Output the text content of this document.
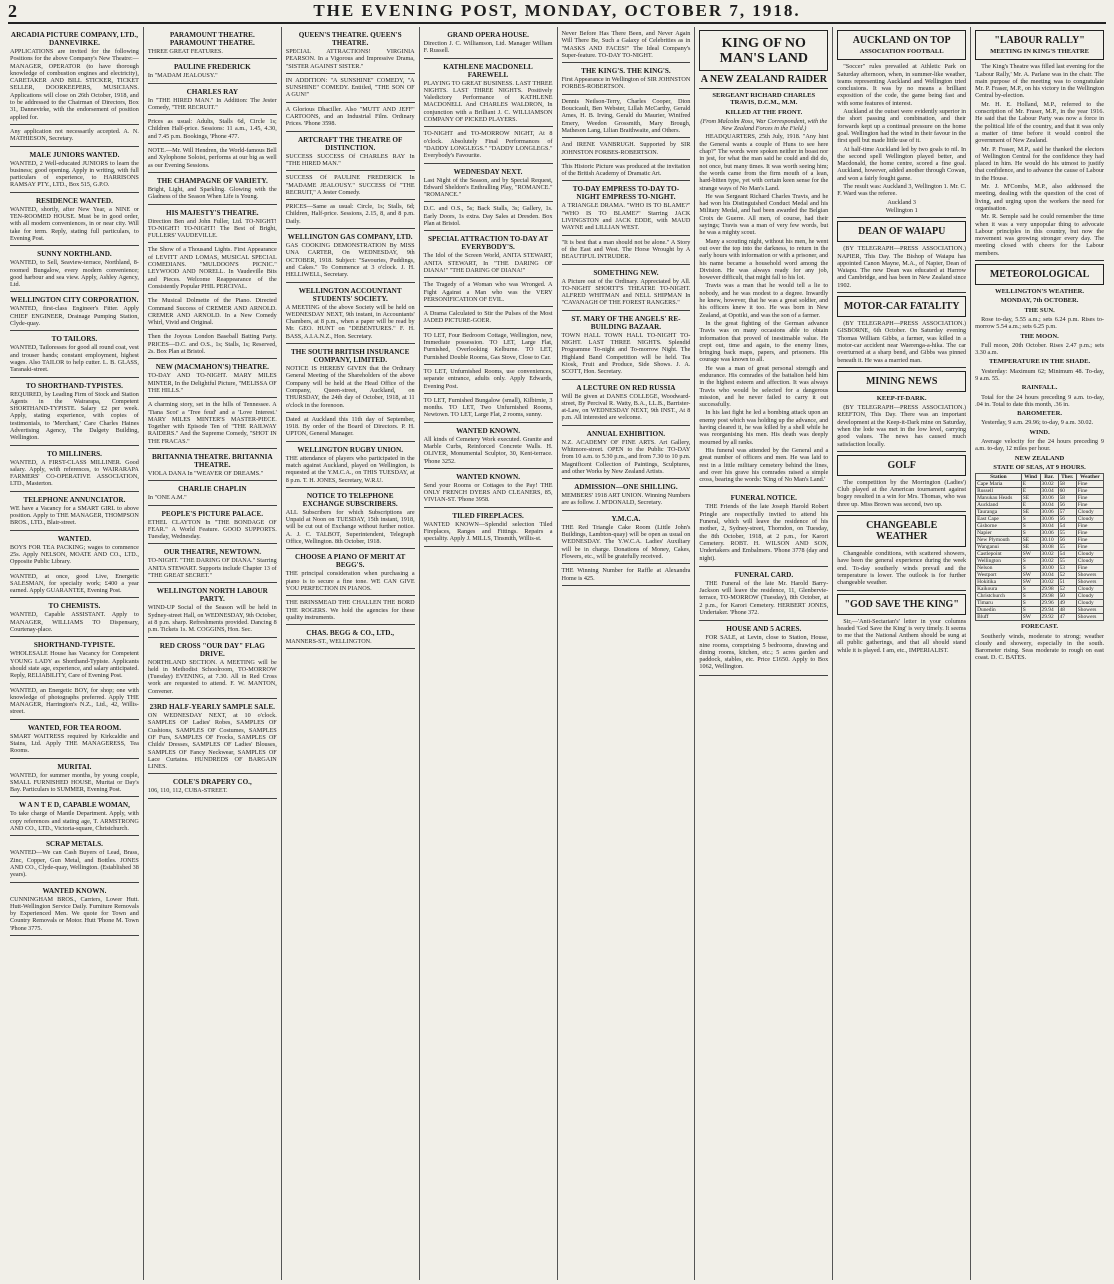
2	THE EVENING POST, MONDAY, OCTOBER 7, 1918.
ARCADIA PICTURE COMPANY, LTD., DANNEVIRKE.

APPLICATIONS are invited for the following Positions for the above Company's New Theatre:— MANAGER, OPERATOR (to have thorough knowledge of combustion engines and electricity), CARETAKER AND BILL STICKER, TICKET SELLER, DOORKEEPERS, MUSICIANS. Applications will close on 26th October, 1918, and to be addressed to the Chairman of Directors, Box 31, Dannevirke, with the endorsement of position applied for.

Any application not necessarily accepted. A. N. MATHIESON, Secretary.

MALE JUNIORS WANTED.

WANTED, 2 Well-educated JUNIORS to learn the business; good opening. Apply in writing, with full particulars of experience, to HARRISONS RAMSAY PTY., LTD., Box 515, G.P.O.

RESIDENCE WANTED.

WANTED, shortly, after New Year, a NINE or TEN-ROOMED HOUSE. Must be in good order, with all modern conveniences, in or near city. Will take for term. Reply, stating full particulars, to Evening Post.

SUNNY NORTHLAND.

WANTED, to Sell, Seaview-terrace, Northland, 8-roomed Bungalow, every modern convenience; good harbour and sea view. Apply, Ashley Agency, Ltd.

WELLINGTON CITY CORPORATION.

WANTED, first-class Engineer's Fitter. Apply CHIEF ENGINEER, Drainage Pumping Station, Clyde-quay.

TO TAILORS.

WANTED, Tailoresses for good all round coat, vest and trouser hands; constant employment, highest wages. Also TAILOR to help cutter. L. B. GLASS, Taranaki-street.

TO SHORTHAND-TYPISTES.

REQUIRED, by Leading Firm of Stock and Station Agents in the Wairarapa, Competent SHORTHAND-TYPISTE. Salary £2 per week. Apply, stating experience, with copies of testimonials, to 'Merchant,' Care Charles Haines Advertising Agency, The Dalgety Building, Wellington.

TO MILLINERS.

WANTED, A FIRST-CLASS MILLINER. Good salary. Apply, with references, to WAIRARAPA FARMERS' CO-OPERATIVE ASSOCIATION, LTD., Masterton.

TELEPHONE ANNUNCIATOR.

WE have a Vacancy for a SMART GIRL to above position. Apply to THE MANAGER, THOMPSON BROS., LTD., Blair-street.

WANTED.

BOYS FOR TEA PACKING; wages to commence 25s. Apply NELSON, MOATE AND CO., LTD., Opposite Public Library.

WANTED, at once, good Live, Energetic SALESMAN, for specialty work; £400 a year earned. Apply GUARANTEE, Evening Post.

TO CHEMISTS.

WANTED, Capable ASSISTANT. Apply to MANAGER, WILLIAMS TO Dispensary, Courtenay-place.

SHORTHAND-TYPISTE.

WHOLESALE House has Vacancy for Competent YOUNG LADY as Shorthand-Typiste. Applicants should state age, experience, and salary anticipated. Reply, RELIABILITY, Care of Evening Post.

WANTED, an Energetic BOY, for shop; one with knowledge of photographs preferred. Apply THE MANAGER, Harrington's N.Z., Ltd., 42, Willis-street.

WANTED, FOR TEA ROOM.

SMART WAITRESS required by Kirkcaldie and Stains, Ltd. Apply THE MANAGERESS, Tea Rooms.

MURITAI.

WANTED, for summer months, by young couple, SMALL FURNISHED HOUSE, Muritai or Day's Bay. Particulars to SUMMER, Evening Post.

W A N T E D, CAPABLE WOMAN,

To take charge of Mantle Department. Apply, with copy references and stating age, T. ARMSTRONG AND CO., LTD., Victoria-square, Christchurch.

SCRAP METALS.

WANTED—We can Cash Buyers of Lead, Brass, Zinc, Copper, Gun Metal, and Bottles. JONES AND CO., Clyde-quay, Wellington. (Established 38 years).

WANTED KNOWN.

CUNNINGHAM BROS., Carriers, Lower Hutt. Hutt-Wellington Service Daily. Furniture Removals by Experienced Men. We quote for Town and Country Removals or Motor. Hutt 'Phone M. Town 'Phone 3775.

PARAMOUNT THEATRE. PARAMOUNT THEATRE.

THREE GREAT FEATURES.

PAULINE FREDERICK

In "MADAM JEALOUSY."

CHARLES RAY

In "THE HIRED MAN." In Addition: The Jester Comedy, "THE RECRUIT."

Prices as usual: Adults, Stalls 6d, Circle 1s; Children Half-price. Sessions: 11 a.m., 1.45, 4.30, and 7.45 p.m. Bookings, 'Phone 477.

NOTE.—Mr. Will Hendren, the World-famous Bell and Xylophone Soloist, performs at our big as well as our Evening Sessions.

THE CHAMPAGNE OF VARIETY.

Bright, Light, and Sparkling. Glowing with the Gladness of the Season When Life is Young.

HIS MAJESTY'S THEATRE.

Direction Ben and John Fuller, Ltd. TO-NIGHT! TO-NIGHT! TO-NIGHT! The Best of Bright, FULLERS' VAUDEVILLE.

The Show of a Thousand Lights. First Appearance of LEVITT AND LOMAS, MUSICAL SPECIAL COMEDIANS. "MULDOON'S PICNIC." LEYWOOD AND NORELL. In Vaudeville Bits and Pieces. Welcome Reappearance of the Consistently Popular PHIL PERCIVAL.

The Musical Dolmette of the Piano. Directed Command Success of CREMER AND ARNOLD. CREMER AND ARNOLD. In a New Comedy Whirl, Vivid and Original.

Then the Joyous London Baseball Batting Party. PRICES—D.C. and O.S., 1s; Stalls, 1s; Reserved, 2s. Box Plan at Bristol.

NEW (MACMAHON'S) THEATRE.

TO-DAY AND TO-NIGHT. MARY MILES MINTER, In the Delightful Picture, "MELISSA OF THE HILLS."

A charming story, set in the hills of Tennessee. A 'Tiana Scot' a 'Tree feud' and a 'Love Interest.' MARY MILES MINTER'S MASTER-PIECE. Together with Episode Ten of "THE RAILWAY RAIDERS." And the Supreme Comedy, "SHOT IN THE FRACAS."

BRITANNIA THEATRE. BRITANNIA THEATRE.

VIOLA DANA In "WEAVER OF DREAMS."

CHARLIE CHAPLIN

In "ONE A.M."

PEOPLE'S PICTURE PALACE.

ETHEL CLAYTON In "THE BONDAGE OF FEAR." A World Feature. GOOD SUPPORTS. Tuesday, Wednesday.

OUR THEATRE, NEWTOWN.

TO-NIGHT. "THE DARING OF DIANA." Starring ANITA STEWART. Supports include Chapter 13 of "THE GREAT SECRET."

WELLINGTON NORTH LABOUR PARTY.

WIND-UP Social of the Season will be held in Sydney-street Hall, on WEDNESDAY, 9th October, at 8 p.m. sharp. Refreshments provided. Dancing 8 p.m. Tickets 1s. M. COGGINS, Hon. Sec.

RED CROSS "OUR DAY" FLAG DRIVE.

NORTHLAND SECTION. A MEETING will be held in Methodist Schoolroom, TO-MORROW (Tuesday) EVENING, at 7.30. All in Red Cross work are requested to attend. F. W. MANTON, Convener.

23RD HALF-YEARLY SAMPLE SALE.

ON WEDNESDAY NEXT, at 10 o'clock. SAMPLES OF Ladies' Robes, SAMPLES OF Cushions, SAMPLES OF Costumes, SAMPLES OF Furs, SAMPLES OF Frocks, SAMPLES OF Childs' Dresses, SAMPLES OF Ladies' Blouses, SAMPLES OF Fancy Neckwear, SAMPLES OF Lace Curtains. HUNDREDS OF BARGAIN LINES.

COLE'S DRAPERY CO.,

106, 110, 112, CUBA-STREET.

QUEEN'S THEATRE. QUEEN'S THEATRE.

SPECIAL ATTRACTIONS! VIRGINIA PEARSON. In a Vigorous and Impressive Drama, "SISTER AGAINST SISTER."

IN ADDITION: "A SUNSHINE" COMEDY, "A SUNSHINE" COMEDY. Entitled, "THE SON OF A GUN!"

A Glorious Dhaciller. Also "MUTT AND JEFF" CARTOONS, and an Industrial Film. Ordinary Prices. 'Phone 3598.

ARTCRAFT THE THEATRE OF DISTINCTION.

SUCCESS SUCCESS Of CHARLES RAY In "THE HIRED MAN."

SUCCESS Of PAULINE FREDERICK In "MADAME JEALOUSY." SUCCESS Of "THE RECRUIT," A Jester Comedy.

PRICES—Same as usual: Circle, 1s; Stalls, 6d; Children, Half-price. Sessions, 2.15, 8, and 8 p.m. Daily.

WELLINGTON GAS COMPANY, LTD.

GAS COOKING DEMONSTRATION By MISS UNA CARTER, On WEDNESDAY, 9th OCTOBER, 1918. Subject: "Savouries, Puddings, and Cakes." To Commence at 3 o'clock. J. H. HELLIWELL, Secretary.

WELLINGTON ACCOUNTANT STUDENTS' SOCIETY.

A MEETING of the above Society will be held on WEDNESDAY NEXT, 9th instant, in Accountants' Chambers, at 8 p.m., when a paper will be read by Mr. GEO. HUNT on "DEBENTURES." F. H. BASS, A.I.A.N.Z., Hon. Secretary.

THE SOUTH BRITISH INSURANCE COMPANY, LIMITED.

NOTICE IS HEREBY GIVEN that the Ordinary General Meeting of the Shareholders of the above Company will be held at the Head Office of the Company, Queen-street, Auckland, on THURSDAY, the 24th day of October, 1918, at 11 o'clock in the forenoon.

Dated at Auckland this 11th day of September, 1918. By order of the Board of Directors. P. H. UPTON, General Manager.

WELLINGTON RUGBY UNION.

THE attendance of players who participated in the match against Auckland, played on Wellington, is requested at the Y.M.C.A., on THIS TUESDAY, at 8 p.m. T. H. JONES, Secretary, W.R.U.

NOTICE TO TELEPHONE EXCHANGE SUBSCRIBERS.

ALL Subscribers for which Subscriptions are Unpaid at Noon on TUESDAY, 15th instant, 1918, will be cut out of Exchange without further notice. A. J. C. TALBOT, Superintendent, Telegraph Office, Wellington. 8th October, 1918.

CHOOSE A PIANO OF MERIT AT BEGG'S.

THE principal consideration when purchasing a piano is to secure a fine tone. WE CAN GIVE YOU PERFECTION IN PIANOS.

THE BRINSMEAD THE CHALLEN THE BORD THE ROGERS. We hold the agencies for these quality instruments.

CHAS. BEGG & CO., LTD.,

MANNERS-ST., WELLINGTON.

GRAND OPERA HOUSE.

Direction J. C. Williamson, Ltd. Manager William F. Russell.

KATHLENE MACDONELL FAREWELL

PLAYING TO GREAT BUSINESS. LAST THREE NIGHTS. LAST THREE NIGHTS. Positively Valedictory Performance of KATHLENE MACDONELL And CHARLES WALDRON, In conjunction with a Brilliant J. C. WILLIAMSON COMPANY OF PICKED PLAYERS.

TO-NIGHT and TO-MORROW NIGHT, At 8 o'clock. Absolutely Final Performances of "DADDY LONGLEGS." "DADDY LONGLEGS." Everybody's Favourite.

WEDNESDAY NEXT.

Last Night of the Season, and by Special Request, Edward Sheldon's Enthralling Play, "ROMANCE." "ROMANCE."

D.C. and O.S., 5s; Back Stalls, 3s; Gallery, 1s. Early Doors, 1s extra. Day Sales at Dresden. Box Plan at Bristol.

SPECIAL ATTRACTION TO-DAY AT EVERYBODY'S.

The Idol of the Screen World, ANITA STEWART, ANITA STEWART, In "THE DARING OF DIANA!" "THE DARING OF DIANA!"

The Tragedy of a Woman who was Wronged. A Fight Against a Man who was the VERY PERSONIFICATION OF EVIL.

A Drama Calculated to Stir the Pulses of the Most JADED PICTURE-GOER.

TO LET, Four Bedroom Cottage, Wellington, new, Immediate possession. TO LET, Large Flat, Furnished, Overlooking Kelburne. TO LET, Furnished Double Rooms, Gas Stove, Close to Car.

TO LET, Unfurnished Rooms, use conveniences, separate entrance, adults only. Apply Edwards, Evening Post.

TO LET, Furnished Bungalow (small), Kilbirnie, 3 months. TO LET, Two Unfurnished Rooms, Newtown. TO LET, Large Flat, 2 rooms, sunny.

WANTED KNOWN.

All kinds of Cemetery Work executed. Granite and Marble Curbs, Reinforced Concrete Walls. H. OLIVER, Monumental Sculptor, 30, Kent-terrace. 'Phone 3252.

WANTED KNOWN.

Send your Rooms or Cottages to the Pay! THE ONLY FRENCH DYERS AND CLEANERS, 85, VIVIAN-ST. 'Phone 3958.

TILED FIREPLACES.

WANTED KNOWN—Splendid selection Tiled Fireplaces, Ranges and Fittings. Repairs a speciality. Apply J. MILLS, Tinsmith, Willis-st.

Never Before Has There Been, and Never Again Will There Be, Such a Galaxy of Celebrities as in "MASKS AND FACES!" The Ideal Company's Super-feature. TO-DAY TO-NIGHT.

THE KING'S. THE KING'S.

First Appearance in Wellington of SIR JOHNSTON FORBES-ROBERTSON.

Dennis Neilson-Terry, Charles Cooper, Dion Boucicault, Ben Webster, Lillah McCarthy, Gerald Ames, H. B. Irving, Gerald du Maurier, Winifred Emery, Weedon Grossmith, Mary Brough, Matheson Lang, Lilian Braithwaite, and Others.

And IRENE VANBRUGH. Supported by SIR JOHNSTON FORBES-ROBERTSON.

This Historic Picture was produced at the invitation of the British Academy of Dramatic Art.

TO-DAY EMPRESS TO-DAY TO-NIGHT EMPRESS TO-NIGHT.

A TRIANGLE DRAMA. "WHO IS TO BLAME?" "WHO IS TO BLAME?" Starring JACK LIVINGSTON and JACK EDDE, with MAUD WAYNE and LILLIAN WEST.

"It is best that a man should not be alone." A Story of the East and West. The Horse Wrought by A BEAUTIFUL INTRUDER.

SOMETHING NEW.

A Picture out of the Ordinary. Appreciated by All. TO-NIGHT SHORTT'S THEATRE TO-NIGHT. ALFRED WHITMAN and NELL SHIPMAN In "CAVANAGH OF THE FOREST RANGERS."

ST. MARY OF THE ANGELS' RE-BUILDING BAZAAR.

TOWN HALL TOWN HALL TO-NIGHT TO-NIGHT. LAST THREE NIGHTS. Splendid Programme To-night and To-morrow Night. The Highland Band Competition will be held. Tea Kiosk, Fruit and Produce, Side Shows. J. A. SCOTT, Hon. Secretary.

A LECTURE ON RED RUSSIA

Will Be given at DANES COLLEGE, Woodward-street, By Percival R. Watty, B.A., LL.B., Barrister-at-Law, on WEDNESDAY NEXT, 9th INST., At 8 p.m. All interested are welcome.

ANNUAL EXHIBITION.

N.Z. ACADEMY OF FINE ARTS. Art Gallery, Whitmore-street. OPEN to the Public TO-DAY from 10 a.m. to 5.30 p.m., and from 7.30 to 10 p.m. Magnificent Collection of Paintings, Sculptures, and other Works by New Zealand Artists.

ADMISSION—ONE SHILLING.

MEMBERS' 1918 ART UNION. Winning Numbers are as follow. J. M'DONALD, Secretary.

Y.M.C.A.

THE Red Triangle Cake Room (Little John's Buildings, Lambton-quay) will be open as usual on WEDNESDAY. The Y.W.C.A. Ladies' Auxiliary will be in charge. Donations of Money, Cakes, Flowers, etc., will be gratefully received.

THE Winning Number for Raffle at Alexandra Home is 425.

KING OF NO MAN'S LAND
A NEW ZEALAND RAIDER
SERGEANT RICHARD CHARLES TRAVIS, D.C.M., M.M.
KILLED AT THE FRONT.

(From Malcolm Ross, War Correspondent, with the New Zealand Forces in the Field.)

HEADQUARTERS, 25th July, 1918. "Any hint the General wants a couple of Huns to see here chap?" The words were spoken neither in boast nor in jest, for what the man said he could and did do, not once, but many times. It was worth seeing him; the words came from the firm mouth of a lean, hard-bitten type, yet with certain keen sense for the strange ways of No Man's Land.

He was Sergeant Richard Charles Travis, and he had won his Distinguished Conduct Medal and his Military Medal, and had been awarded the Belgian Croix de Guerre. All men, of course, had their sayings; Travis was a man of very few words, but he was a mighty scout.

Many a scouting night, without his men, he went out over the top into the darkness, to return in the early hours with information or with a prisoner, and his name became a household word among the Division. He was always ready for any job, however difficult, that might fall to his lot.

Travis was a man that he would tell a lie to nobody, and he was modest to a degree. Inwardly he knew, however, that he was a great soldier, and his officers knew it too. He was born in New Zealand, at Opotiki, and was the son of a farmer.

In the great fighting of the German advance Travis was on many occasions able to obtain information that proved of inestimable value. He crept out, time and again, to the enemy lines, bringing back maps, papers, and prisoners. His courage was known to all.

He was a man of great personal strength and endurance. His comrades of the battalion held him in the highest esteem and affection. It was always Travis who would be selected for a dangerous mission, and he never failed to carry it out successfully.

In his last fight he led a bombing attack upon an enemy post which was holding up the advance, and having cleared it, he was killed by a shell while he was reorganising his men. His death was deeply mourned by all ranks.

His funeral was attended by the General and a great number of officers and men. He was laid to rest in a little military cemetery behind the lines, and over his grave his comrades raised a simple cross, bearing the words: 'King of No Man's Land.'

FUNERAL NOTICE.

THE Friends of the late Joseph Harold Robert Pringle are respectfully invited to attend his Funeral, which will leave the residence of his mother, 2, Sydney-street, Thorndon, on Tuesday, the 8th October, 1918, at 2 p.m., for Karori Cemetery. ROBT. H. WILSON AND SON, Undertakers and Embalmers. 'Phone 3778 (day and night).

FUNERAL CARD.

THE Funeral of the late Mr. Harold Barry-Jackson will leave the residence, 11, Glenbervie-terrace, TO-MORROW (Tuesday), 8th October, at 2 p.m., for Karori Cemetery. HERBERT JONES, Undertaker. 'Phone 372.

HOUSE AND 5 ACRES.

FOR SALE, at Levin, close to Station, House, nine rooms, comprising 5 bedrooms, drawing and dining rooms, kitchen, etc.; 5 acres garden and paddock, stables, etc. Price £1650. Apply to Box 1062, Wellington.

AUCKLAND ON TOP
ASSOCIATION FOOTBALL

"Soccer" rules prevailed at Athletic Park on Saturday afternoon, when, in summer-like weather, teams representing Auckland and Wellington tried conclusions. It was by no means a brilliant exposition of the code, the game being fast and with some features of interest.

Auckland at the outset were evidently superior in the short passing and combination, and their forwards kept up a continual pressure on the home goal. Wellington had the wind in their favour in the first spell but made little use of it.

At half-time Auckland led by two goals to nil. In the second spell Wellington played better, and Macdonald, the home centre, scored a fine goal. Auckland, however, added another through Cowan, and won a fairly fought game.

The result was: Auckland 3, Wellington 1. Mr. C. F. Ward was the referee.

Auckland 3

Wellington 1

DEAN OF WAIAPU

(BY TELEGRAPH—PRESS ASSOCIATION.) NAPIER, This Day. The Bishop of Waiapu has appointed Canon Mayne, M.A., of Napier, Dean of Waiapu. The new Dean was educated at Harrow and Cambridge, and has been in New Zealand since 1902.

MOTOR-CAR FATALITY

(BY TELEGRAPH—PRESS ASSOCIATION.) GISBORNE, 6th October. On Saturday evening Thomas William Gibbs, a farmer, was killed in a motor-car accident near Waerenga-a-hika. The car overturned at a sharp bend, and Gibbs was pinned beneath it. He was a married man.

MINING NEWS
KEEP-IT-DARK.

(BY TELEGRAPH—PRESS ASSOCIATION.) REEFTON, This Day. There was an important development at the Keep-it-Dark mine on Saturday, when the lode was met in the low level, carrying good values. The news has caused much satisfaction locally.

GOLF

The competition by the Morrington (Ladies') Club played at the American tournament against bogey resulted in a win for Mrs. Thomas, who was three up. Miss Brown was second, two up.

CHANGEABLE WEATHER

Changeable conditions, with scattered showers, have been the general experience during the week end. To-day southerly winds prevail and the temperature is lower. The outlook is for further changeable weather.

"GOD SAVE THE KING"

Sir,—'Anti-Sectarian's' letter in your columns headed 'God Save the King' is very timely. It seems to me that the National Anthem should be sung at all public gatherings, and that all should stand while it is played. I am, etc., IMPERIALIST.

"LABOUR RALLY"
MEETING IN KING'S THEATRE

The King's Theatre was filled last evening for the 'Labour Rally,' Mr. A. Parlane was in the chair. The main purpose of the meeting was to congratulate Mr. P. Fraser, M.P., on his victory in the Wellington Central by-election.

Mr. H. E. Holland, M.P., referred to the conscription of Mr. Fraser, M.P., in the year 1916. He said that the Labour Party was now a force in the political life of the country, and that it was only a matter of time before it would control the government of New Zealand.

Mr. P. Fraser, M.P., said he thanked the electors of Wellington Central for the confidence they had placed in him. He would do his utmost to justify that confidence, and to advance the cause of Labour in the House.

Mr. J. M'Combs, M.P., also addressed the meeting, dealing with the question of the cost of living, and urging upon the workers the need for organisation.

Mr. R. Semple said he could remember the time when it was a very unpopular thing to advocate Labour principles in this country, but now the movement was growing stronger every day. The meeting closed with cheers for the Labour members.

METEOROLOGICAL
WELLINGTON'S WEATHER.
MONDAY, 7th OCTOBER.
THE SUN.

Rose to-day, 5.55 a.m.; sets 6.24 p.m. Rises to-morrow 5.54 a.m.; sets 6.25 p.m.

THE MOON.

Full moon, 20th October. Rises 2.47 p.m.; sets 3.30 a.m.

TEMPERATURE IN THE SHADE.

Yesterday: Maximum 62; Minimum 48. To-day, 9 a.m. 55.

RAINFALL.

Total for the 24 hours preceding 9 a.m. to-day, .04 in. Total to date this month, .36 in.

BAROMETER.

Yesterday, 9 a.m. 29.96; to-day, 9 a.m. 30.02.

WIND.

Average velocity for the 24 hours preceding 9 a.m. to-day, 12 miles per hour.

NEW ZEALAND
STATE OF SEAS, AT 9 HOURS.
Station	Wind	Bar.	Ther.	Weather
Cape Maria	E	30.02	58	Fine
Russell	E	30.04	60	Fine
Manukau Heads	SE	30.06	58	Fine
Auckland	E	30.04	56	Fine
Tauranga	SE	30.06	57	Cloudy
East Cape	S	30.06	56	Cloudy
Gisborne	S	30.04	54	Fine
Napier	S	30.06	55	Fine
New Plymouth	SE	30.10	56	Fine
Wanganui	SE	30.08	55	Fine
Castlepoint	SW	30.02	54	Cloudy
Wellington	S	30.02	55	Cloudy
Nelson	S	30.00	53	Fine
Westport	SW	30.04	52	Showers
Hokitika	SW	30.02	51	Showers
Kaikoura	S	29.98	52	Cloudy
Christchurch	S	29.98	50	Cloudy
Timaru	S	29.96	49	Cloudy
Dunedin	S	29.94	48	Showers
Bluff	SW	29.92	47	Showers
FORECAST.

Southerly winds, moderate to strong; weather cloudy and showery, especially in the south. Barometer rising. Seas moderate to rough on east coast. D. C. BATES.
